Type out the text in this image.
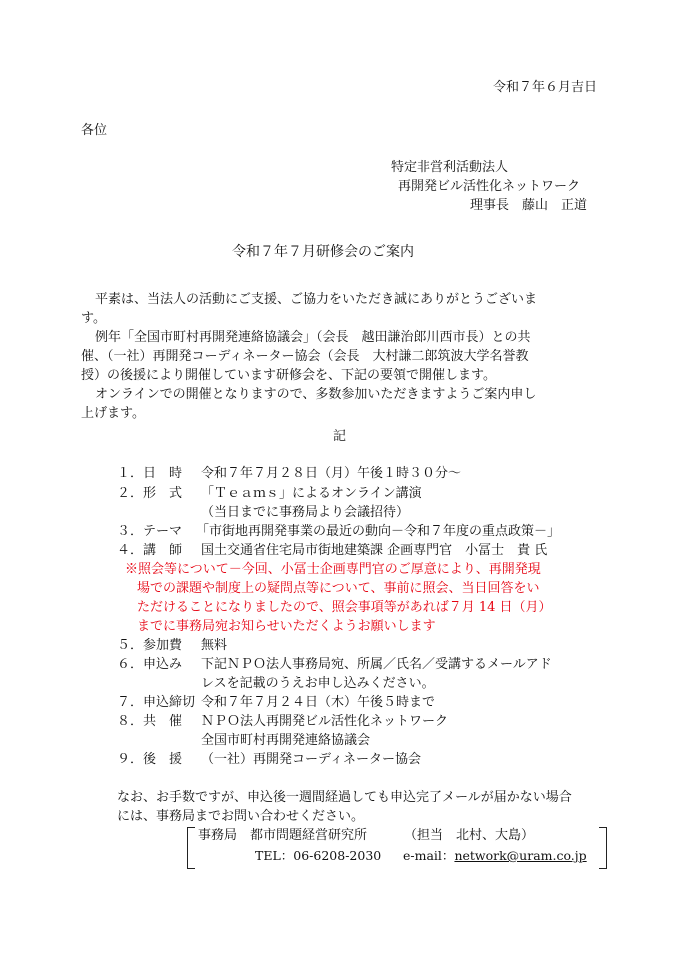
令和７年６月吉日
各位
特定非営利活動法人
再開発ビル活性化ネットワーク
理事長　藤山　正道
令和７年７月研修会のご案内
平素は、当法人の活動にご支援、ご協力をいただき誠にありがとうございま
す。
例年「全国市町村再開発連絡協議会」（会長　越田謙治郎川西市長）との共
催、（一社）再開発コーディネーター協会（会長　大村謙二郎筑波大学名誉教
授）の後援により開催しています研修会を、下記の要領で開催します。
オンラインでの開催となりますので、多数参加いただきますようご案内申し
上げます。
記
１．日　時 令和７年７月２８日（月）午後１時３０分～
２．形　式 「Ｔｅａｍｓ」によるオンライン講演
（当日までに事務局より会議招待）
３．テーマ 「市街地再開発事業の最近の動向－令和７年度の重点政策－」
４．講　師 国土交通省住宅局市街地建築課 企画専門官　小冨士　貴 氏
※照会等について－今回、小冨士企画専門官のご厚意により、再開発現
場での課題や制度上の疑問点等について、事前に照会、当日回答をい
ただけることになりましたので、照会事項等があれば７月 14 日（月）
までに事務局宛お知らせいただくようお願いします
５．参加費 無料
６．申込み 下記ＮＰＯ法人事務局宛、所属／氏名／受講するメールアド
レスを記載のうえお申し込みください。
７．申込締切 令和７年７月２４日（木）午後５時まで
８．共　催 ＮＰＯ法人再開発ビル活性化ネットワーク
全国市町村再開発連絡協議会
９．後　援 （一社）再開発コーディネーター協会
なお、お手数ですが、申込後一週間経過しても申込完了メールが届かない場合
には、事務局までお問い合わせください。
事務局　都市問題経営研究所	（担当　北村、大島）
TEL：06-6208-2030 e-mail：network@uram.co.jp
